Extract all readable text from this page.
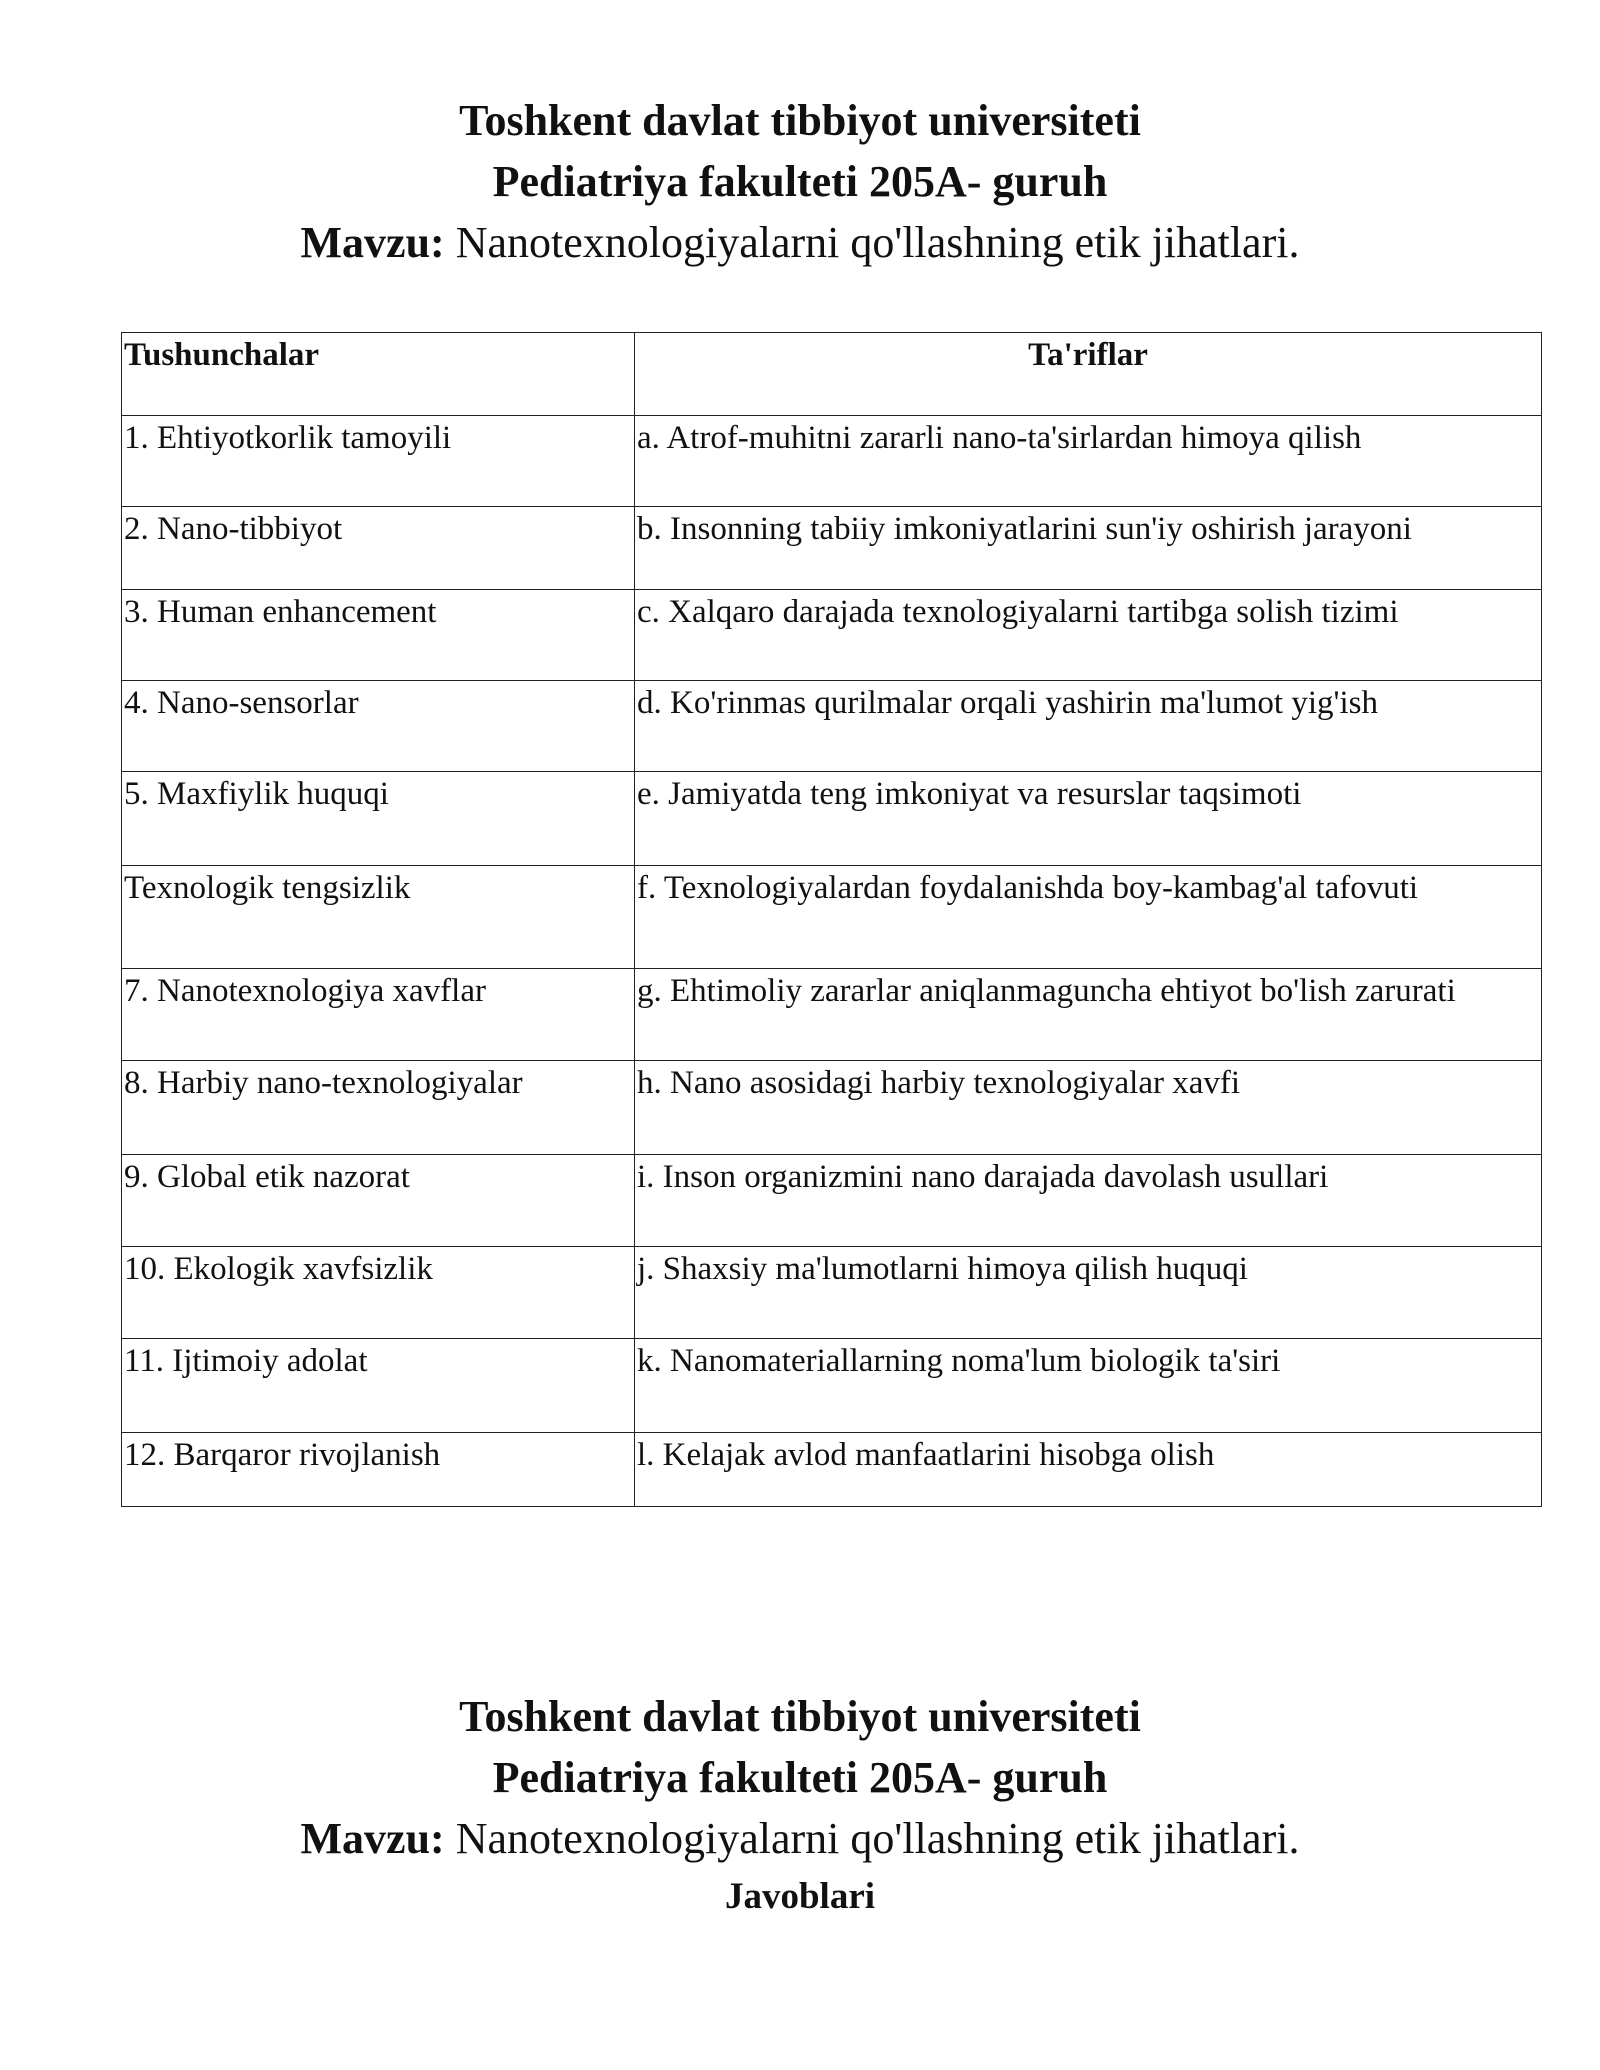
Toshkent davlat tibbiyot universiteti

Pediatriya fakulteti 205A- guruh

Mavzu: Nanotexnologiyalarni qo'llashning etik jihatlari.

Tushunchalar	Ta'riflar
1. Ehtiyotkorlik tamoyili	a. Atrof-muhitni zararli nano-ta'sirlardan himoya qilish
2. Nano-tibbiyot	b. Insonning tabiiy imkoniyatlarini sun'iy oshirish jarayoni
3. Human enhancement	c. Xalqaro darajada texnologiyalarni tartibga solish tizimi
4. Nano-sensorlar	d. Ko'rinmas qurilmalar orqali yashirin ma'lumot yig'ish
5. Maxfiylik huquqi	e. Jamiyatda teng imkoniyat va resurslar taqsimoti
Texnologik tengsizlik	f. Texnologiyalardan foydalanishda boy-kambag'al tafovuti
7. Nanotexnologiya xavflar	g. Ehtimoliy zararlar aniqlanmaguncha ehtiyot bo'lish zarurati
8. Harbiy nano-texnologiyalar	h. Nano asosidagi harbiy texnologiyalar xavfi
9. Global etik nazorat	i. Inson organizmini nano darajada davolash usullari
10. Ekologik xavfsizlik	j. Shaxsiy ma'lumotlarni himoya qilish huquqi
11. Ijtimoiy adolat	k. Nanomateriallarning noma'lum biologik ta'siri
12. Barqaror rivojlanish	l. Kelajak avlod manfaatlarini hisobga olish

Toshkent davlat tibbiyot universiteti

Pediatriya fakulteti 205A- guruh

Mavzu: Nanotexnologiyalarni qo'llashning etik jihatlari.

Javoblari
